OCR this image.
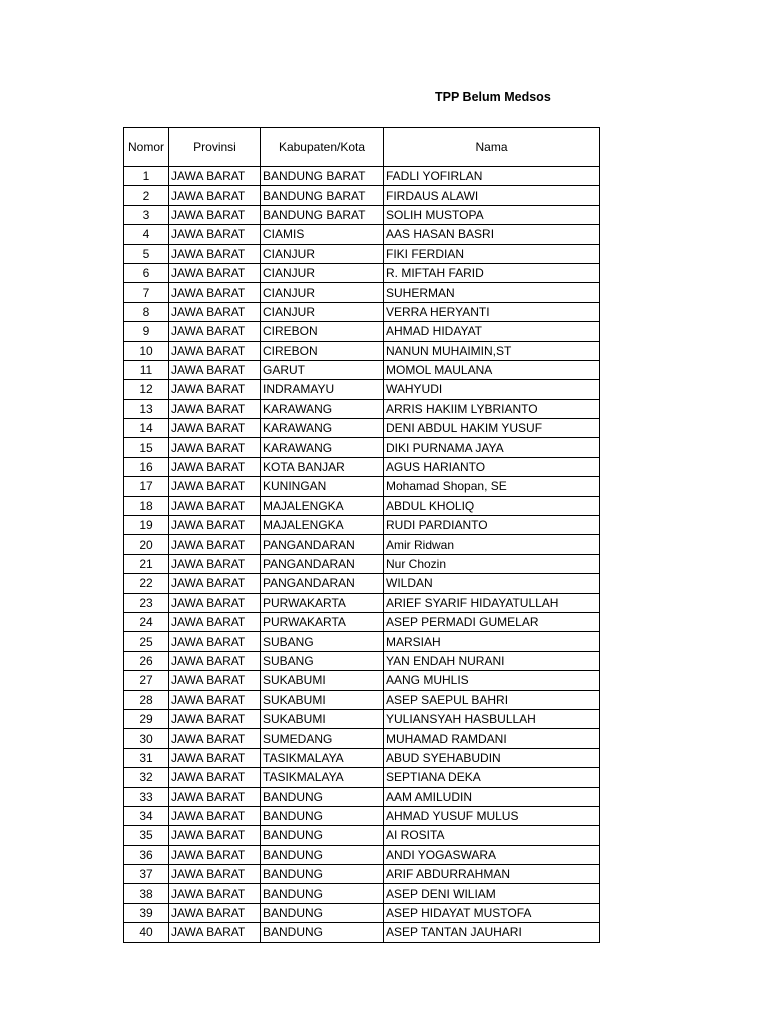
TPP Belum Medsos
Nomor	Provinsi	Kabupaten/Kota	Nama
1	JAWA BARAT	BANDUNG BARAT	FADLI YOFIRLAN
2	JAWA BARAT	BANDUNG BARAT	FIRDAUS ALAWI
3	JAWA BARAT	BANDUNG BARAT	SOLIH MUSTOPA
4	JAWA BARAT	CIAMIS	AAS HASAN BASRI
5	JAWA BARAT	CIANJUR	FIKI FERDIAN
6	JAWA BARAT	CIANJUR	R. MIFTAH FARID
7	JAWA BARAT	CIANJUR	SUHERMAN
8	JAWA BARAT	CIANJUR	VERRA HERYANTI
9	JAWA BARAT	CIREBON	AHMAD HIDAYAT
10	JAWA BARAT	CIREBON	NANUN MUHAIMIN,ST
11	JAWA BARAT	GARUT	MOMOL MAULANA
12	JAWA BARAT	INDRAMAYU	WAHYUDI
13	JAWA BARAT	KARAWANG	ARRIS HAKIIM LYBRIANTO
14	JAWA BARAT	KARAWANG	DENI ABDUL HAKIM YUSUF
15	JAWA BARAT	KARAWANG	DIKI PURNAMA JAYA
16	JAWA BARAT	KOTA BANJAR	AGUS HARIANTO
17	JAWA BARAT	KUNINGAN	Mohamad Shopan, SE
18	JAWA BARAT	MAJALENGKA	ABDUL KHOLIQ
19	JAWA BARAT	MAJALENGKA	RUDI PARDIANTO
20	JAWA BARAT	PANGANDARAN	Amir Ridwan
21	JAWA BARAT	PANGANDARAN	Nur Chozin
22	JAWA BARAT	PANGANDARAN	WILDAN
23	JAWA BARAT	PURWAKARTA	ARIEF SYARIF HIDAYATULLAH
24	JAWA BARAT	PURWAKARTA	ASEP PERMADI GUMELAR
25	JAWA BARAT	SUBANG	MARSIAH
26	JAWA BARAT	SUBANG	YAN ENDAH NURANI
27	JAWA BARAT	SUKABUMI	AANG MUHLIS
28	JAWA BARAT	SUKABUMI	ASEP SAEPUL BAHRI
29	JAWA BARAT	SUKABUMI	YULIANSYAH HASBULLAH
30	JAWA BARAT	SUMEDANG	MUHAMAD RAMDANI
31	JAWA BARAT	TASIKMALAYA	ABUD SYEHABUDIN
32	JAWA BARAT	TASIKMALAYA	SEPTIANA DEKA
33	JAWA BARAT	BANDUNG	AAM AMILUDIN
34	JAWA BARAT	BANDUNG	AHMAD YUSUF MULUS
35	JAWA BARAT	BANDUNG	AI ROSITA
36	JAWA BARAT	BANDUNG	ANDI YOGASWARA
37	JAWA BARAT	BANDUNG	ARIF ABDURRAHMAN
38	JAWA BARAT	BANDUNG	ASEP DENI WILIAM
39	JAWA BARAT	BANDUNG	ASEP HIDAYAT MUSTOFA
40	JAWA BARAT	BANDUNG	ASEP TANTAN JAUHARI
